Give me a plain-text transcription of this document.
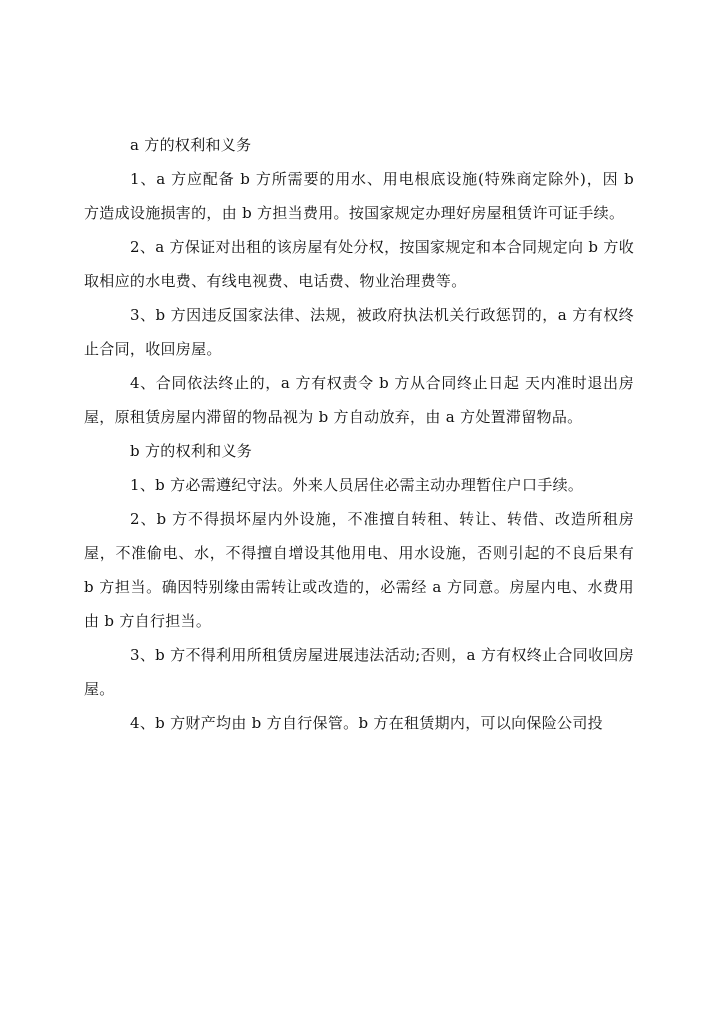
a 方的权利和义务

1、a 方应配备 b 方所需要的用水、用电根底设施(特殊商定除外)，因 b 方造成设施损害的，由 b 方担当费用。按国家规定办理好房屋租赁许可证手续。

2、a 方保证对出租的该房屋有处分权，按国家规定和本合同规定向 b 方收取相应的水电费、有线电视费、电话费、物业治理费等。

3、b 方因违反国家法律、法规，被政府执法机关行政惩罚的，a 方有权终止合同，收回房屋。

4、合同依法终止的，a 方有权责令 b 方从合同终止日起 天内准时退出房屋，原租赁房屋内滞留的物品视为 b 方自动放弃，由 a 方处置滞留物品。

b 方的权利和义务

1、b 方必需遵纪守法。外来人员居住必需主动办理暂住户口手续。

2、b 方不得损坏屋内外设施，不准擅自转租、转让、转借、改造所租房屋，不准偷电、水，不得擅自增设其他用电、用水设施，否则引起的不良后果有 b 方担当。确因特别缘由需转让或改造的，必需经 a 方同意。房屋内电、水费用由 b 方自行担当。

3、b 方不得利用所租赁房屋进展违法活动;否则，a 方有权终止合同收回房屋。

4、b 方财产均由 b 方自行保管。b 方在租赁期内，可以向保险公司投
